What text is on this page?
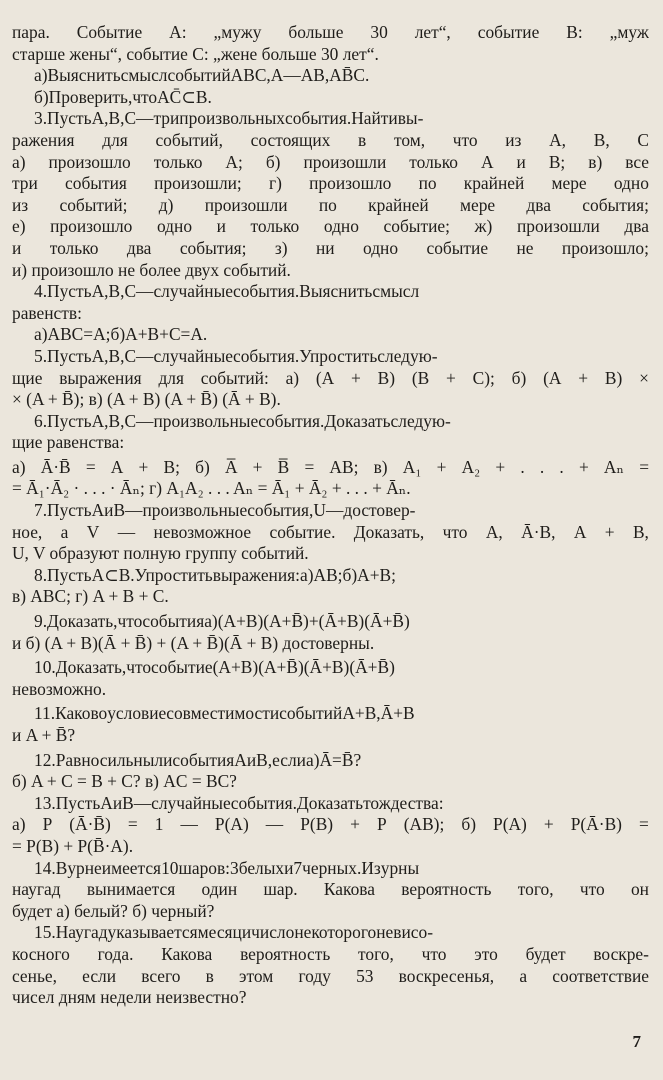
пара. Событие A: „мужу больше 30 лет“, событие B: „муж
старше жены“, событие C: „жене больше 30 лет“.
а) Выяснить смысл событий ABC, A — AB, AB̄C.
б) Проверить, что AC̄ ⊂ B.
3. Пусть A, B, C — три произвольных события. Найти вы-
ражения для событий, состоящих в том, что из A, B, C
а) произошло только A; б) произошли только A и B; в) все
три события произошли; г) произошло по крайней мере одно
из событий; д) произошли по крайней мере два события;
е) произошло одно и только одно событие; ж) произошли два
и только два события; з) ни одно событие не произошло;
и) произошло не более двух событий.
4. Пусть A, B, C — случайные события. Выяснить смысл
равенств:
а) ABC = A; б) A + B + C = A.
5. Пусть A, B, C — случайные события. Упростить следую-
щие выражения для событий: а) (A + B) (B + C); б) (A + B) ×
× (A + B̄); в) (A + B) (A + B̄) (Ā + B).
6. Пусть A, B, C — произвольные события. Доказать следую-
щие равенства:
а) Ā·B̄ = A + B; б) A̅ + B̅ = AB; в) A₁ + A₂ + . . . + Aₙ =
= Ā₁·Ā₂ · . . . · Āₙ; г) A₁A₂ . . . Aₙ = Ā₁ + Ā₂ + . . . + Āₙ.
7. Пусть A и B — произвольные события, U — достовер-
ное, а V — невозможное событие. Доказать, что A, Ā·B, A + B,
U, V образуют полную группу событий.
8. Пусть A ⊂ B. Упростить выражения: а) AB; б) A + B;
в) ABC; г) A + B + C.
9. Доказать, что события а) (A + B)(A + B̄) + (Ā + B)(Ā + B̄)
и б) (A + B)(Ā + B̄) + (A + B̄)(Ā + B) достоверны.
10. Доказать, что событие (A + B) (A + B̄) (Ā + B) (Ā + B̄)
невозможно.
11. Каково условие совместимости событий A + B, Ā + B
и A + B̄?
12. Равносильны ли события A и B, если а) Ā = B̄?
б) A + C = B + C? в) AC = BC?
13. Пусть A и B — случайные события. Доказать тождества:
а) P (Ā·B̄) = 1 — P(A) — P(B) + P (AB); б) P(A) + P(Ā·B) =
= P(B) + P(B̄·A).
14. В урне имеется 10 шаров: 3 белых и 7 черных. Из урны
наугад вынимается один шар. Какова вероятность того, что он
будет а) белый? б) черный?
15. Наугад указывается месяц и число некоторого не висо-
косного года. Какова вероятность того, что это будет воскре-
сенье, если всего в этом году 53 воскресенья, а соответствие
чисел дням недели неизвестно?
7
